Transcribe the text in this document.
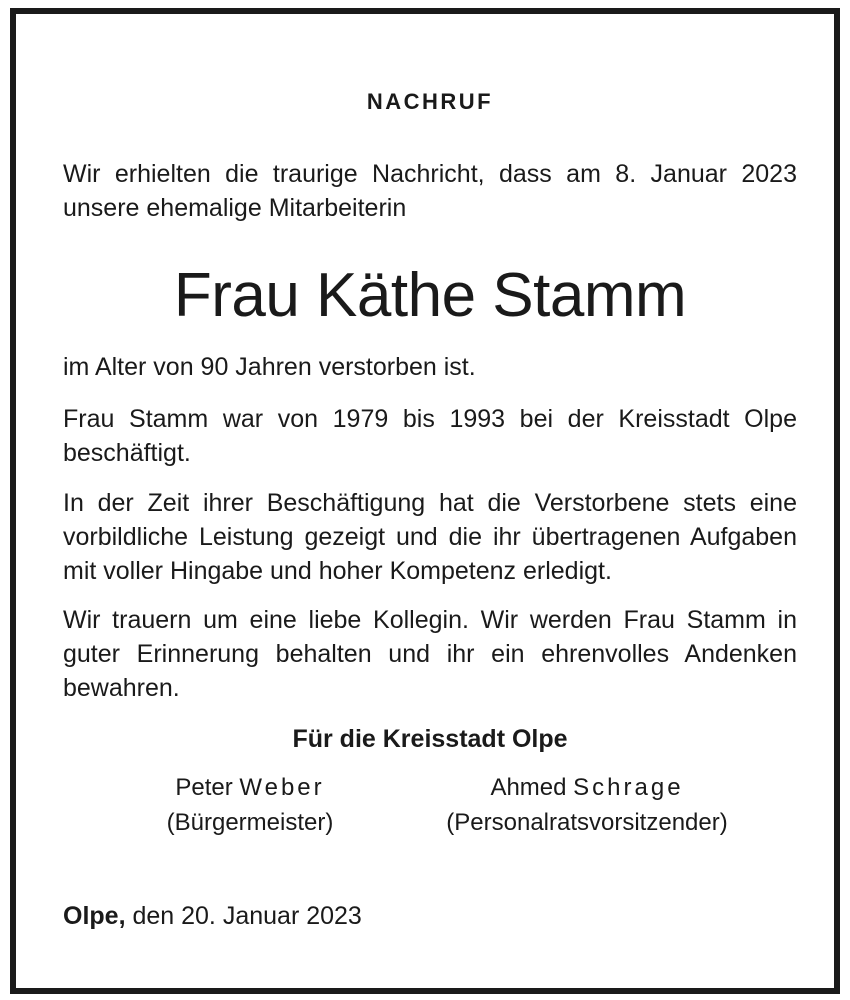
NACHRUF

Wir erhielten die traurige Nachricht, dass am 8. Januar 2023 unsere ehemalige Mitarbeiterin

Frau Käthe Stamm

im Alter von 90 Jahren verstorben ist.

Frau Stamm war von 1979 bis 1993 bei der Kreisstadt Olpe beschäftigt.

In der Zeit ihrer Beschäftigung hat die Verstorbene stets eine vorbildliche Leistung gezeigt und die ihr übertragenen Aufgaben mit voller Hingabe und hoher Kompetenz erledigt.

Wir trauern um eine liebe Kollegin. Wir werden Frau Stamm in guter Erinnerung behalten und ihr ein ehrenvolles Andenken bewahren.

Für die Kreisstadt Olpe
Peter Weber
(Bürgermeister)
Ahmed Schrage
(Personalratsvorsitzender)
Olpe, den 20. Januar 2023
